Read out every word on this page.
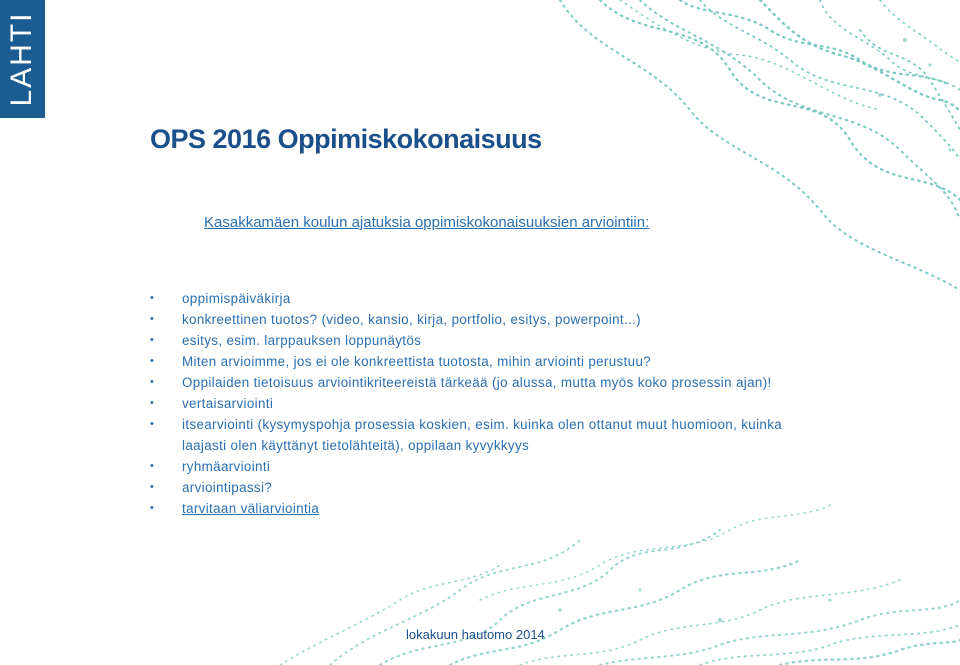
LAHTI
OPS 2016 Oppimiskokonaisuus

Kasakkamäen koulun ajatuksia oppimiskokonaisuuksien arviointiin:

• oppimispäiväkirja
• konkreettinen tuotos? (video, kansio, kirja, portfolio, esitys, powerpoint...)
• esitys, esim. larppauksen loppunäytös
• Miten arvioimme, jos ei ole konkreettista tuotosta, mihin arviointi perustuu?
• Oppilaiden tietoisuus arviointikriteereistä tärkeää (jo alussa, mutta myös koko prosessin ajan)!
• vertaisarviointi
• itsearviointi (kysymyspohja prosessia koskien, esim. kuinka olen ottanut muut huomioon, kuinka laajasti olen käyttänyt tietolähteitä), oppilaan kyvykkyys
• ryhmäarviointi
• arviointipassi?
• tarvitaan väliarviointia

lokakuun hautomo 2014
